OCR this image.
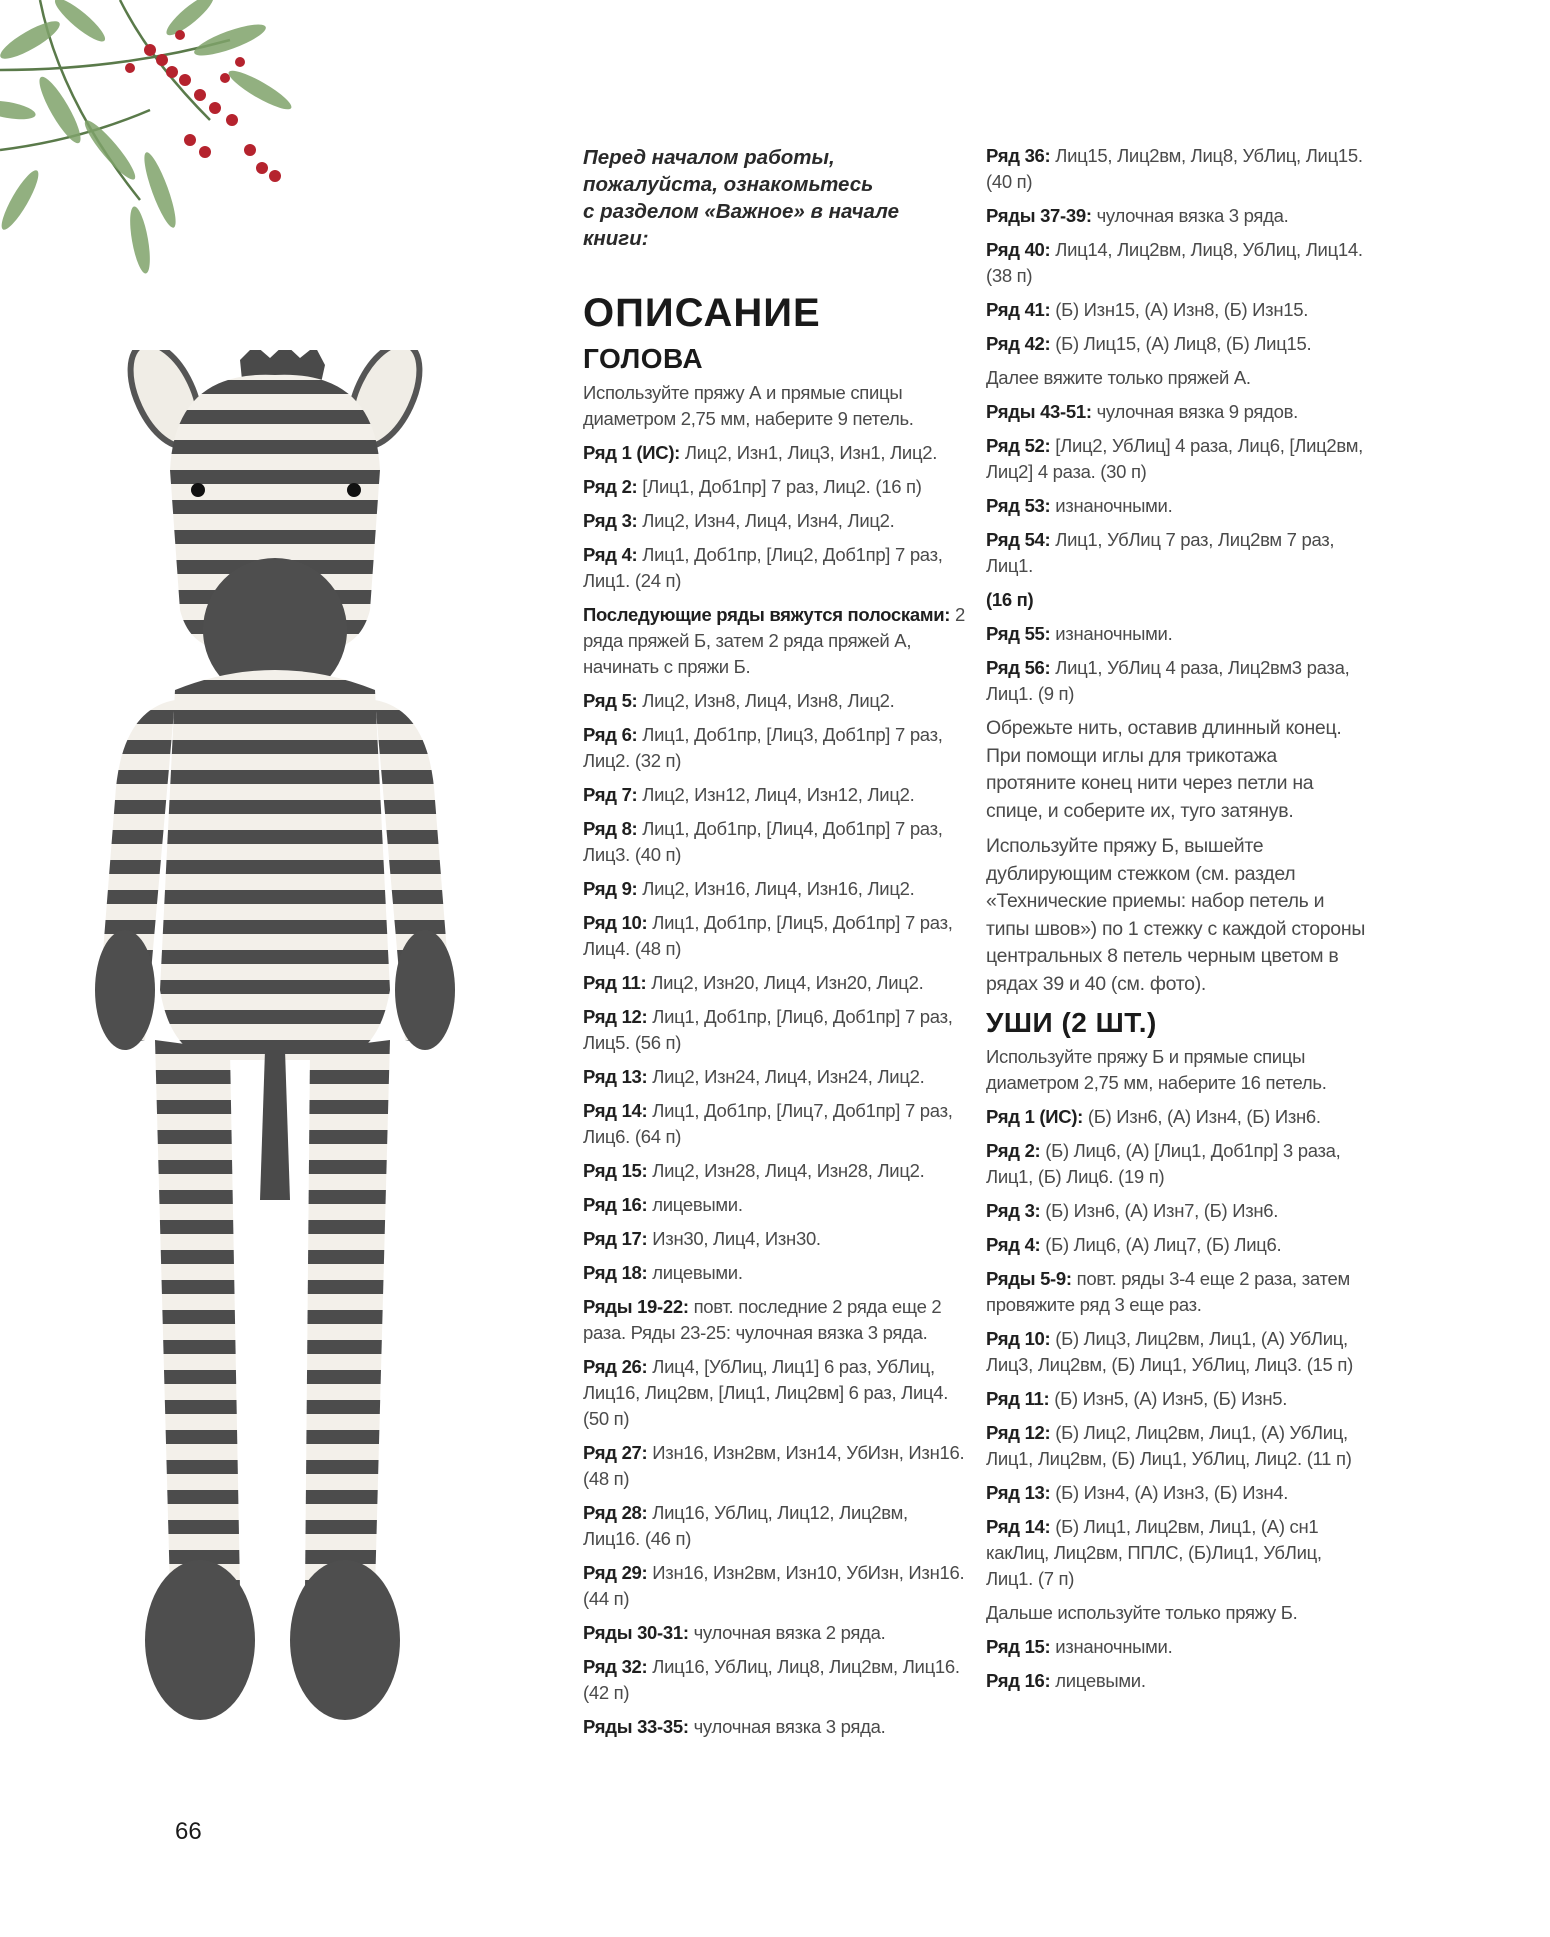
Перед началом работы,
пожалуйста, ознакомьтесь
с разделом «Важное» в начале
книги:
ОПИСАНИЕ
ГОЛОВА

Используйте пряжу А и прямые спицы диаметром 2,75 мм, наберите 9 петель.

Ряд 1 (ИС): Лиц2, Изн1, Лиц3, Изн1, Лиц2.

Ряд 2: [Лиц1, Доб1пр] 7 раз, Лиц2. (16 п)

Ряд 3: Лиц2, Изн4, Лиц4, Изн4, Лиц2.

Ряд 4: Лиц1, Доб1пр, [Лиц2, Доб1пр] 7 раз, Лиц1. (24 п)

Последующие ряды вяжутся полосками: 2 ряда пряжей Б, затем 2 ряда пряжей А, начинать с пряжи Б.

Ряд 5: Лиц2, Изн8, Лиц4, Изн8, Лиц2.

Ряд 6: Лиц1, Доб1пр, [Лиц3, Доб1пр] 7 раз, Лиц2. (32 п)

Ряд 7: Лиц2, Изн12, Лиц4, Изн12, Лиц2.

Ряд 8: Лиц1, Доб1пр, [Лиц4, Доб1пр] 7 раз, Лиц3. (40 п)

Ряд 9: Лиц2, Изн16, Лиц4, Изн16, Лиц2.

Ряд 10: Лиц1, Доб1пр, [Лиц5, Доб1пр] 7 раз, Лиц4. (48 п)

Ряд 11: Лиц2, Изн20, Лиц4, Изн20, Лиц2.

Ряд 12: Лиц1, Доб1пр, [Лиц6, Доб1пр] 7 раз, Лиц5. (56 п)

Ряд 13: Лиц2, Изн24, Лиц4, Изн24, Лиц2.

Ряд 14: Лиц1, Доб1пр, [Лиц7, Доб1пр] 7 раз, Лиц6. (64 п)

Ряд 15: Лиц2, Изн28, Лиц4, Изн28, Лиц2.

Ряд 16: лицевыми.

Ряд 17: Изн30, Лиц4, Изн30.

Ряд 18: лицевыми.

Ряды 19-22: повт. последние 2 ряда еще 2 раза. Ряды 23-25: чулочная вязка 3 ряда.

Ряд 26: Лиц4, [УбЛиц, Лиц1] 6 раз, УбЛиц, Лиц16, Лиц2вм, [Лиц1, Лиц2вм] 6 раз, Лиц4. (50 п)

Ряд 27: Изн16, Изн2вм, Изн14, УбИзн, Изн16. (48 п)

Ряд 28: Лиц16, УбЛиц, Лиц12, Лиц2вм, Лиц16. (46 п)

Ряд 29: Изн16, Изн2вм, Изн10, УбИзн, Изн16. (44 п)

Ряды 30-31: чулочная вязка 2 ряда.

Ряд 32: Лиц16, УбЛиц, Лиц8, Лиц2вм, Лиц16. (42 п)

Ряды 33-35: чулочная вязка 3 ряда.

Ряд 36: Лиц15, Лиц2вм, Лиц8, УбЛиц, Лиц15. (40 п)

Ряды 37-39: чулочная вязка 3 ряда.

Ряд 40: Лиц14, Лиц2вм, Лиц8, УбЛиц, Лиц14. (38 п)

Ряд 41: (Б) Изн15, (А) Изн8, (Б) Изн15.

Ряд 42: (Б) Лиц15, (А) Лиц8, (Б) Лиц15.

Далее вяжите только пряжей А.

Ряды 43-51: чулочная вязка 9 рядов.

Ряд 52: [Лиц2, УбЛиц] 4 раза, Лиц6, [Лиц2вм, Лиц2] 4 раза. (30 п)

Ряд 53: изнаночными.

Ряд 54: Лиц1, УбЛиц 7 раз, Лиц2вм 7 раз, Лиц1.

(16 п)

Ряд 55: изнаночными.

Ряд 56: Лиц1, УбЛиц 4 раза, Лиц2вм3 раза, Лиц1. (9 п)

Обрежьте нить, оставив длинный конец. При помощи иглы для трикотажа протяните конец нити через петли на спице, и соберите их, туго затянув.

Используйте пряжу Б, вышейте дублирующим стежком (см. раздел «Технические приемы: набор петель и типы швов») по 1 стежку с каждой стороны центральных 8 петель черным цветом в рядах 39 и 40 (см. фото).

УШИ (2 ШТ.)

Используйте пряжу Б и прямые спицы диаметром 2,75 мм, наберите 16 петель.

Ряд 1 (ИС): (Б) Изн6, (А) Изн4, (Б) Изн6.

Ряд 2: (Б) Лиц6, (А) [Лиц1, Доб1пр] 3 раза, Лиц1, (Б) Лиц6. (19 п)

Ряд 3: (Б) Изн6, (А) Изн7, (Б) Изн6.

Ряд 4: (Б) Лиц6, (А) Лиц7, (Б) Лиц6.

Ряды 5-9: повт. ряды 3-4 еще 2 раза, затем провяжите ряд 3 еще раз.

Ряд 10: (Б) Лиц3, Лиц2вм, Лиц1, (А) УбЛиц, Лиц3, Лиц2вм, (Б) Лиц1, УбЛиц, Лиц3. (15 п)

Ряд 11: (Б) Изн5, (А) Изн5, (Б) Изн5.

Ряд 12: (Б) Лиц2, Лиц2вм, Лиц1, (А) УбЛиц, Лиц1, Лиц2вм, (Б) Лиц1, УбЛиц, Лиц2. (11 п)

Ряд 13: (Б) Изн4, (А) Изн3, (Б) Изн4.

Ряд 14: (Б) Лиц1, Лиц2вм, Лиц1, (А) сн1 какЛиц, Лиц2вм, ППЛС, (Б)Лиц1, УбЛиц, Лиц1. (7 п)

Дальше используйте только пряжу Б.

Ряд 15: изнаночными.

Ряд 16: лицевыми.

66
